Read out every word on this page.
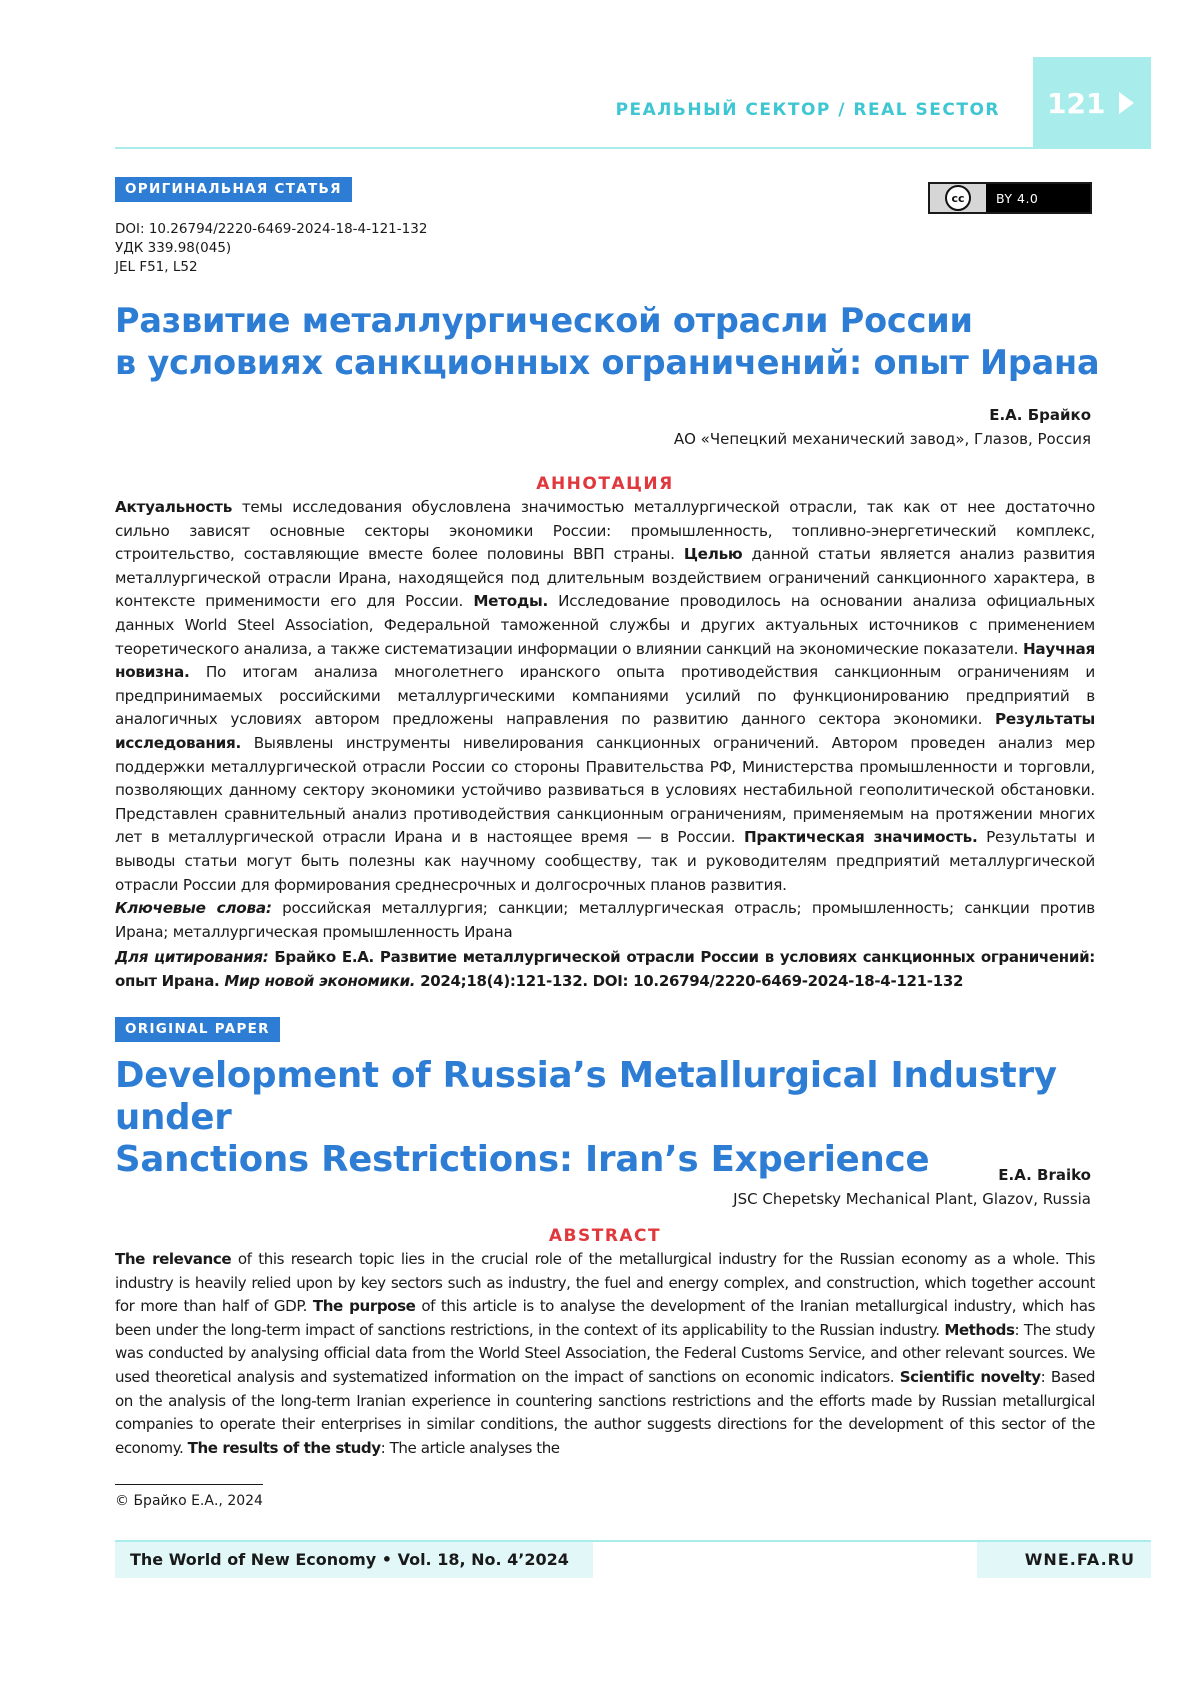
РЕАЛЬНЫЙ СЕКТОР / REAL SECTOR 121
ОРИГИНАЛЬНАЯ СТАТЬЯ
cc	BY 4.0
DOI: 10.26794/2220-6469-2024-18-4-121-132
УДК 339.98(045)
JEL F51, L52
Развитие металлургической отрасли России
в условиях санкционных ограничений: опыт Ирана
Е.А. Брайко
АО «Чепецкий механический завод», Глазов, Россия
АННОТАЦИЯ
Актуальность темы исследования обусловлена значимостью металлургической отрасли, так как от нее достаточно сильно зависят основные секторы экономики России: промышленность, топливно-энергетический комплекс, строительство, составляющие вместе более половины ВВП страны. Целью данной статьи является анализ развития металлургической отрасли Ирана, находящейся под длительным воздействием ограничений санкционного характера, в контексте применимости его для России. Методы. Исследование проводилось на основании анализа официальных данных World Steel Association, Федеральной таможенной службы и других актуальных источников с применением теоретического анализа, а также систематизации информации о влиянии санкций на экономические показатели. Научная новизна. По итогам анализа многолетнего иранского опыта противодействия санкционным ограничениям и предпринимаемых российскими металлургическими компаниями усилий по функционированию предприятий в аналогичных условиях автором предложены направления по развитию данного сектора экономики. Результаты исследования. Выявлены инструменты нивелирования санкционных ограничений. Автором проведен анализ мер поддержки металлургической отрасли России со стороны Правительства РФ, Министерства промышленности и торговли, позволяющих данному сектору экономики устойчиво развиваться в условиях нестабильной геополитической обстановки. Представлен сравнительный анализ противодействия санкционным ограничениям, применяемым на протяжении многих лет в металлургической отрасли Ирана и в настоящее время — в России. Практическая значимость. Результаты и выводы статьи могут быть полезны как научному сообществу, так и руководителям предприятий металлургической отрасли России для формирования среднесрочных и долгосрочных планов развития.
Ключевые слова: российская металлургия; санкции; металлургическая отрасль; промышленность; санкции против Ирана; металлургическая промышленность Ирана
Для цитирования: Брайко Е.А. Развитие металлургической отрасли России в условиях санкционных ограничений: опыт Ирана. Мир новой экономики. 2024;18(4):121-132. DOI: 10.26794/2220-6469-2024-18-4-121-132
ORIGINAL PAPER
Development of Russia’s Metallurgical Industry under
Sanctions Restrictions: Iran’s Experience	E.A. Braiko
JSC Chepetsky Mechanical Plant, Glazov, Russia
ABSTRACT
The relevance of this research topic lies in the crucial role of the metallurgical industry for the Russian economy as a whole. This industry is heavily relied upon by key sectors such as industry, the fuel and energy complex, and construction, which together account for more than half of GDP. The purpose of this article is to analyse the development of the Iranian metallurgical industry, which has been under the long-term impact of sanctions restrictions, in the context of its applicability to the Russian industry. Methods: The study was conducted by analysing official data from the World Steel Association, the Federal Customs Service, and other relevant sources. We used theoretical analysis and systematized information on the impact of sanctions on economic indicators. Scientific novelty: Based on the analysis of the long-term Iranian experience in countering sanctions restrictions and the efforts made by Russian metallurgical companies to operate their enterprises in similar conditions, the author suggests directions for the development of this sector of the economy. The results of the study: The article analyses the
© Брайко Е.А., 2024
The World of New Economy • Vol. 18, No. 4’2024	WNE.FA.RU
